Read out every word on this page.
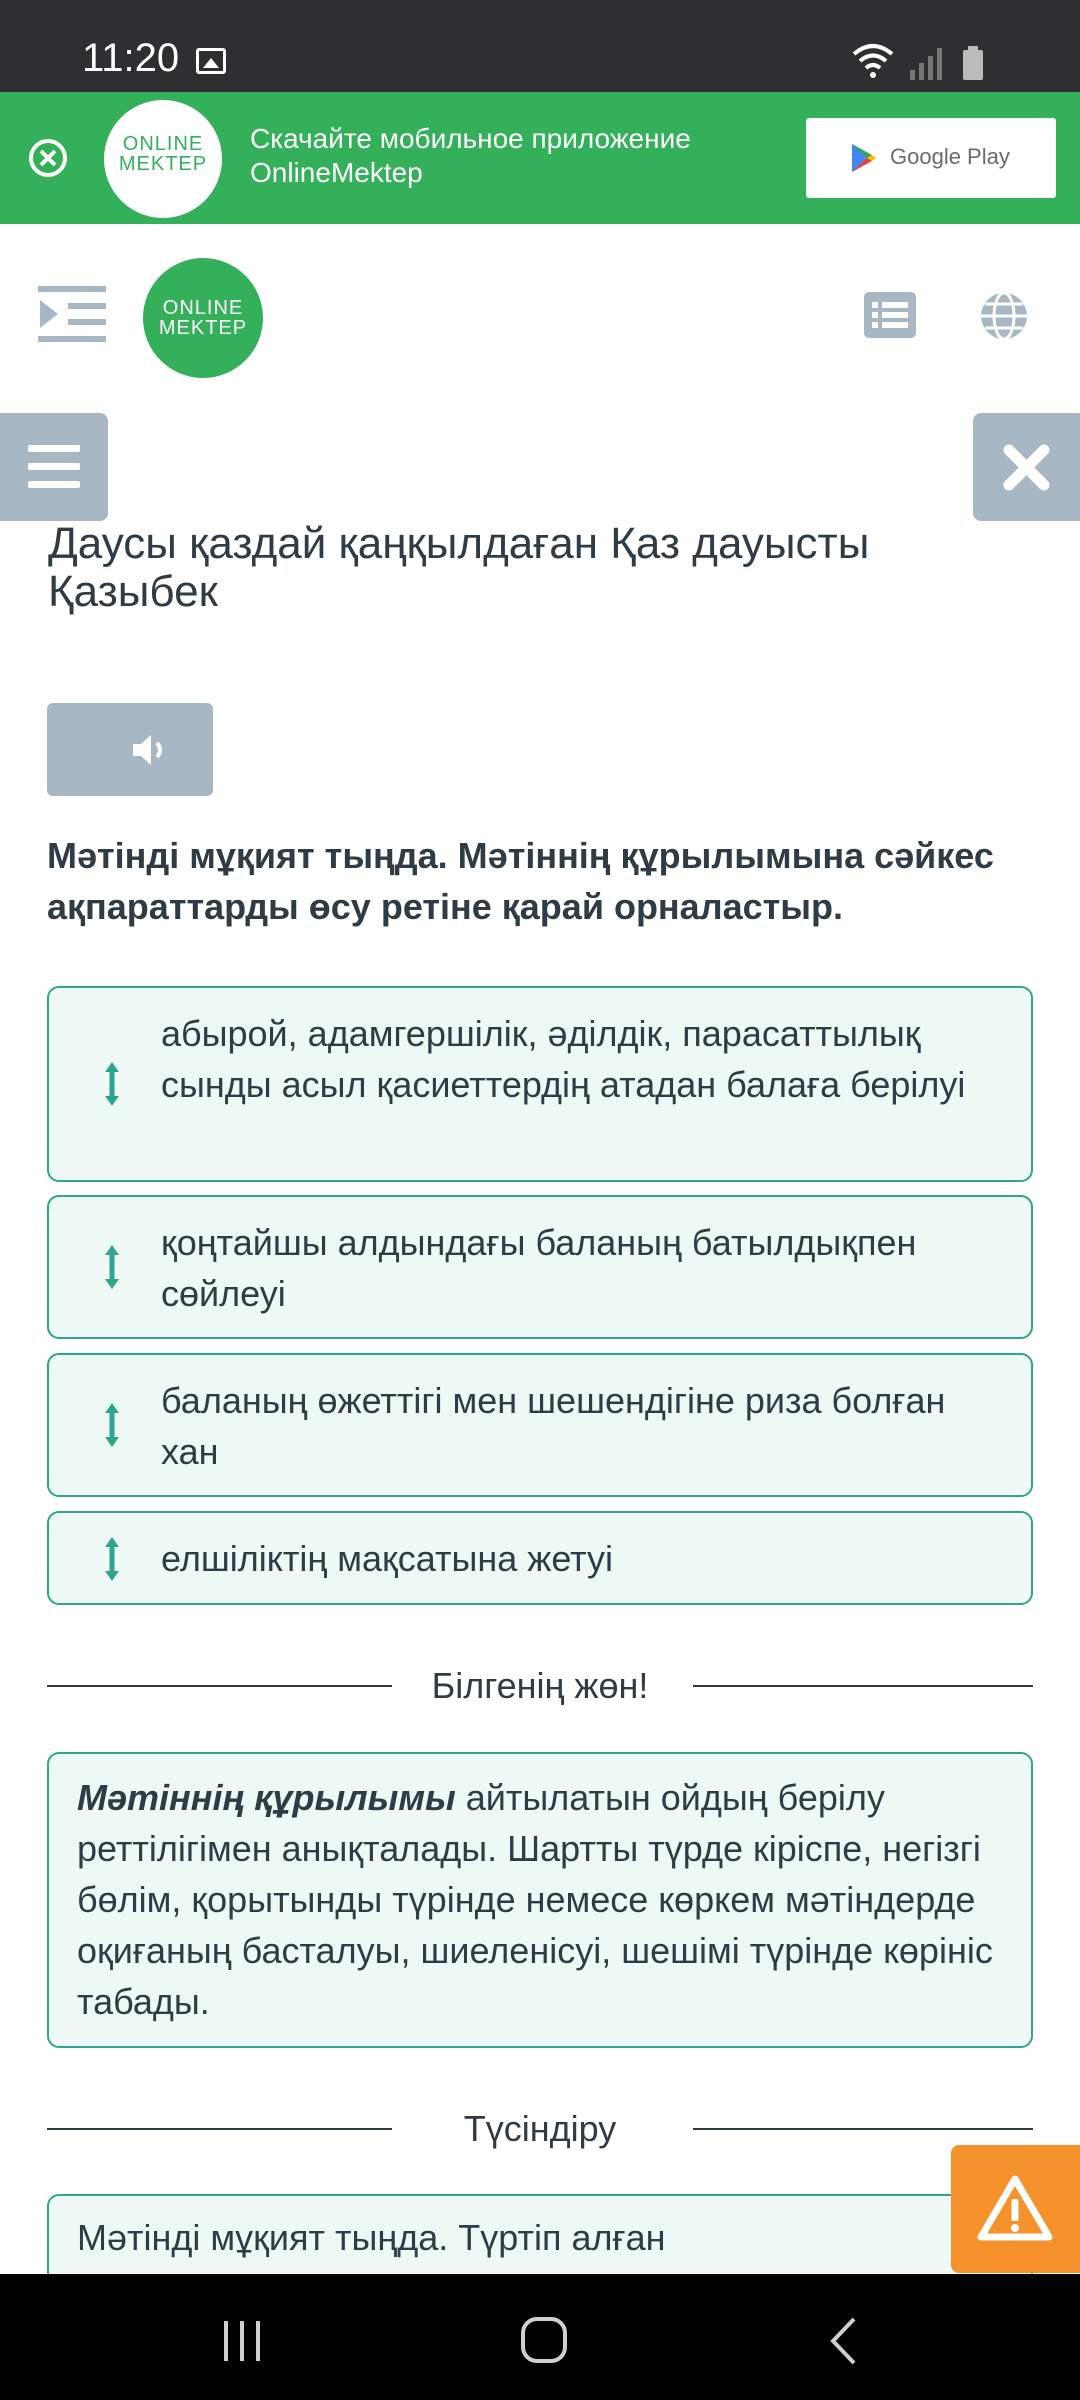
11:20
ONLINE
MEKTEP
Скачайте мобильное приложение OnlineMektep
Google Play
ONLINE
MEKTEP
Даусы қаздай қаңқылдаған Қаз дауысты Қазыбек
Мәтінді мұқият тыңда. Мәтіннің құрылымына сәйкес ақпараттарды өсу ретіне қарай орналастыр.
абырой, адамгершілік, әділдік, парасаттылық сынды асыл қасиеттердің атадан балаға берілуі
қоңтайшы алдындағы баланың батылдықпен сөйлеуі
баланың өжеттігі мен шешендігіне риза болған хан
елшіліктің мақсатына жетуі
Білгенің жөн!
Мәтіннің құрылымы айтылатын ойдың берілу реттілігімен анықталады. Шартты түрде кіріспе, негізгі бөлім, қорытынды түрінде немесе көркем мәтіндерде оқиғаның басталуы, шиеленісуі, шешімі түрінде көрініс табады.
Түсіндіру
Мәтінді мұқият тыңда. Түртіп алған
